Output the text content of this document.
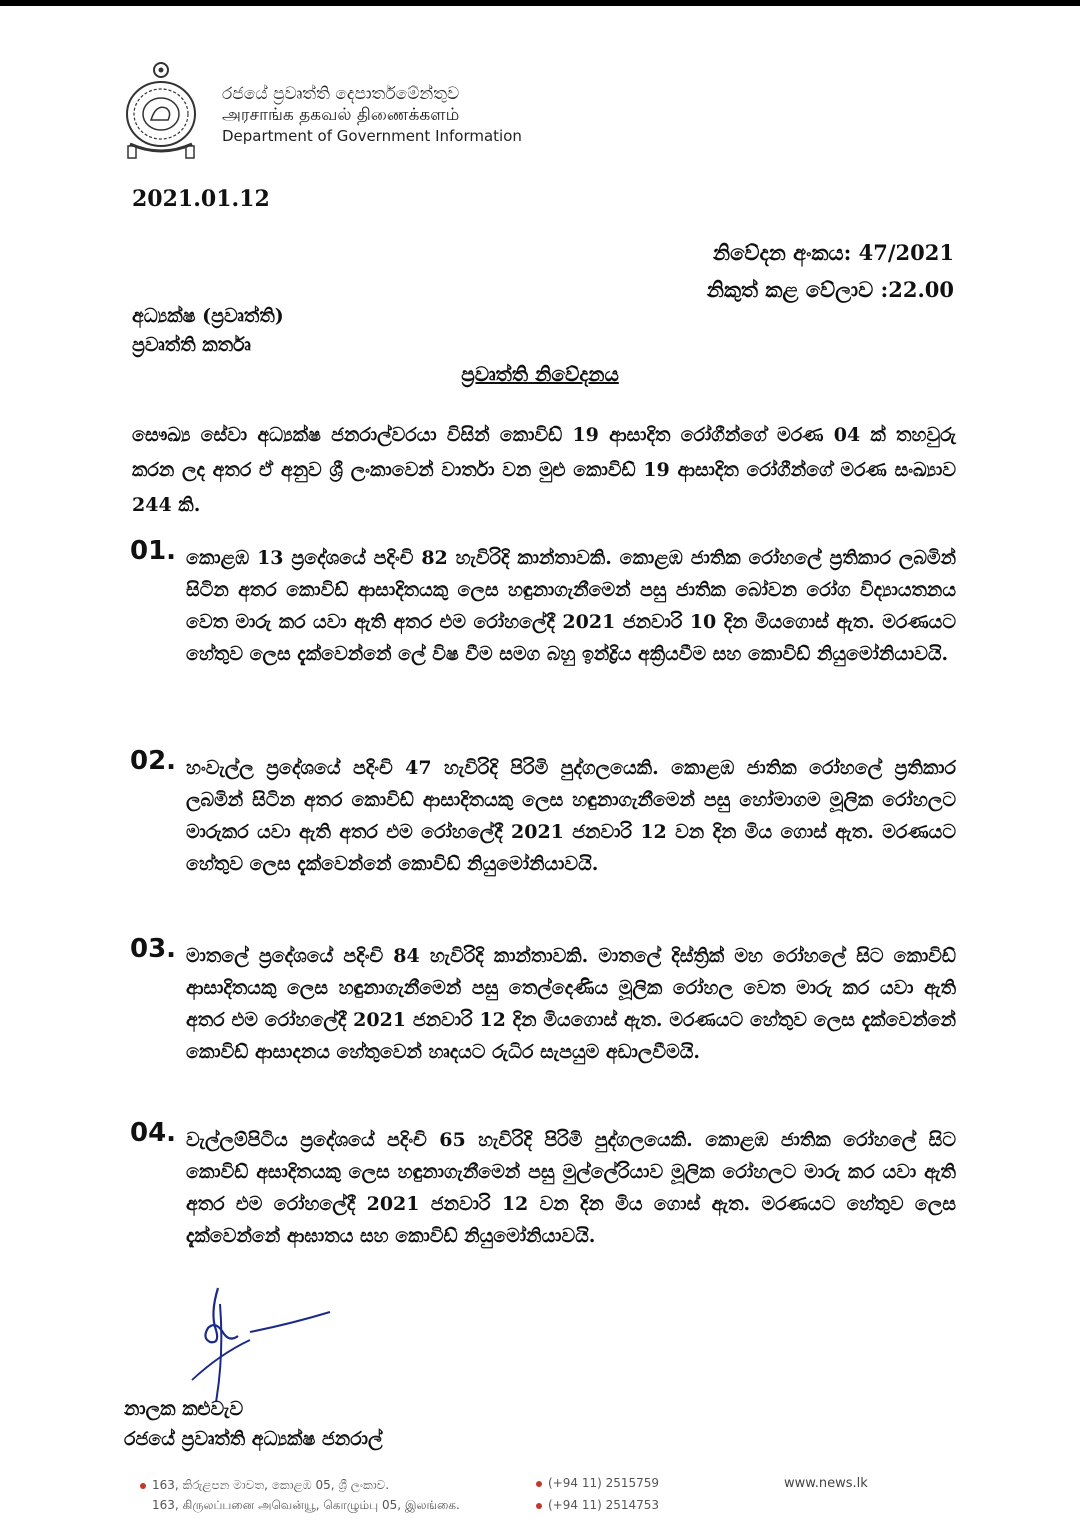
රජයේ ප්‍රවෘත්ති දෙපාර්තමේන්තුව
அரசாங்க தகவல் திணைக்களம்
Department of Government Information
2021.01.12
නිවේදන අංකය: 47/2021
නිකුත් කළ වේලාව :22.00
අධ්‍යක්ෂ (ප්‍රවෘත්ති)
ප්‍රවෘත්ති කර්තෘ
ප්‍රවෘත්ති නිවේදනය
සෞඛ්‍ය සේවා අධ්‍යක්ෂ ජනරාල්වරයා විසින් කොවිඩ් 19 ආසාදිත රෝගීන්ගේ මරණ 04 ක් තහවුරු කරන ලද අතර ඒ අනුව ශ්‍රී ලංකාවෙන් වාර්තා වන මුළු කොවිඩ් 19 ආසාදිත රෝගීන්ගේ මරණ සංඛ්‍යාව 244 කි.
01. කොළඹ 13 ප්‍රදේශයේ පදිංචි 82 හැවිරිදි කාන්තාවකි. කොළඹ ජාතික රෝහලේ ප්‍රතිකාර ලබමින් සිටින අතර කොවිඩ් ආසාදිතයකු ලෙස හඳුනාගැනීමෙන් පසු ජාතික බෝවන රෝග විද්‍යායතනය වෙත මාරු කර යවා ඇති අතර එම රෝහලේදී 2021 ජනවාරි 10 දින මියගොස් ඇත. මරණයට හේතුව ලෙස දැක්වෙන්නේ ලේ විෂ වීම සමග බහු ඉන්ද්‍රිය අක්‍රියවීම සහ කොවිඩ් නියුමෝනියාවයි.
02. හංවැල්ල ප්‍රදේශයේ පදිංචි 47 හැවිරිදි පිරිමි පුද්ගලයෙකි. කොළඹ ජාතික රෝහලේ ප්‍රතිකාර ලබමින් සිටින අතර කොවිඩ් ආසාදිතයකු ලෙස හඳුනාගැනීමෙන් පසු හෝමාගම මූලික රෝහලට මාරුකර යවා ඇති අතර එම රෝහලේදී 2021 ජනවාරි 12 වන දින මිය ගොස් ඇත. මරණයට හේතුව ලෙස දැක්වෙන්නේ කොවිඩ් නියුමෝනියාවයි.
03. මාතලේ ප්‍රදේශයේ පදිංචි 84 හැවිරිදි කාන්තාවකි. මාතලේ දිස්ත්‍රික් මහ රෝහලේ සිට කොවිඩ් ආසාදිතයකු ලෙස හඳුනාගැනීමෙන් පසු තෙල්දෙණිය මූලික රෝහල වෙත මාරු කර යවා ඇති අතර එම රෝහලේදී 2021 ජනවාරි 12 දින මියගොස් ඇත. මරණයට හේතුව ලෙස දැක්වෙන්නේ කොවිඩ් ආසාදනය හේතුවෙන් හෘදයට රුධිර සැපයුම අඩාලවීමයි.
04. වැල්ලම්පිටිය ප්‍රදේශයේ පදිංචි 65 හැවිරිදි පිරිමි පුද්ගලයෙකි. කොළඹ ජාතික රෝහලේ සිට කොවිඩ් අසාදිතයකු ලෙස හඳුනාගැනීමෙන් පසු මුල්ලේරියාව මූලික රෝහලට මාරු කර යවා ඇති අතර එම රෝහලේදී 2021 ජනවාරි 12 වන දින මිය ගොස් ඇත. මරණයට හේතුව ලෙස දැක්වෙන්නේ ආඝාතය සහ කොවිඩ් නියුමෝනියාවයි.
නාලක කළුවැව
රජයේ ප්‍රවෘත්ති අධ්‍යක්ෂ ජනරාල්
163, කිරුළපන මාවත, කොළඹ 05, ශ්‍රී ලංකාව.
163, கிருலப்பனை அவென்யூ, கொழும்பு 05, இலங்கை.
(+94 11) 2515759
(+94 11) 2514753
www.news.lk
